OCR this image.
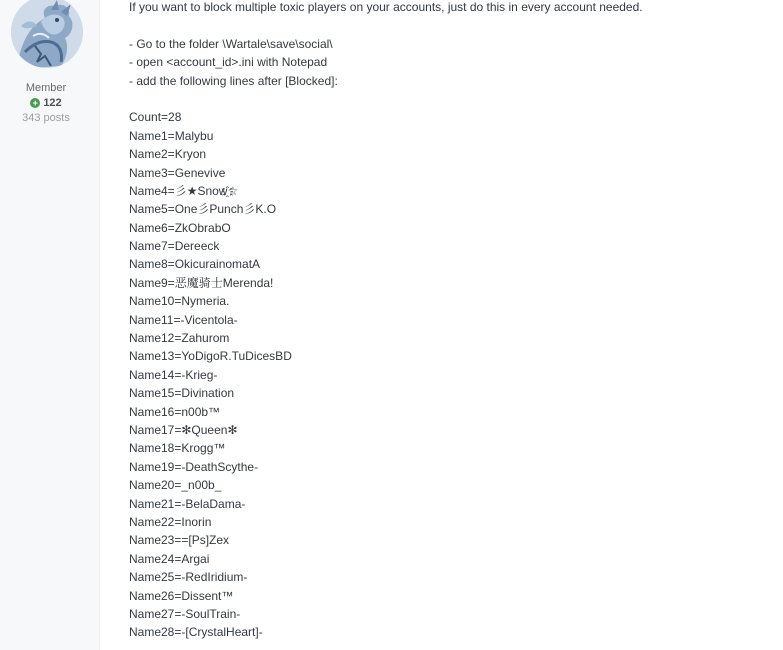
Member
+ 122
343 posts
If you want to block multiple toxic players on your accounts, just do this in every account needed.
- Go to the folder \Wartale\save\social\
- open <account_id>.ini with Notepad
- add the following lines after [Blocked]:
Count=28
Name1=Malybu
Name2=Kryon
Name3=Genevive
Name4=彡★Snow҈☆
Name5=One彡Punch彡K.O
Name6=ZkObrabO
Name7=Dereeck
Name8=OkicurainomatA
Name9=恶魔骑士Merenda!
Name10=Nymeria.
Name11=-Vicentola-
Name12=Zahurom
Name13=YoDigoR.TuDicesBD
Name14=-Krieg-
Name15=Divination
Name16=n00b™
Name17=✻Queen✻
Name18=Krogg™
Name19=-DeathScythe-
Name20=_n00b_
Name21=-BelaDama-
Name22=Inorin
Name23==[Ps]Zex
Name24=Argai
Name25=-RedIridium-
Name26=Dissent™
Name27=-SoulTrain-
Name28=-[CrystalHeart]-
